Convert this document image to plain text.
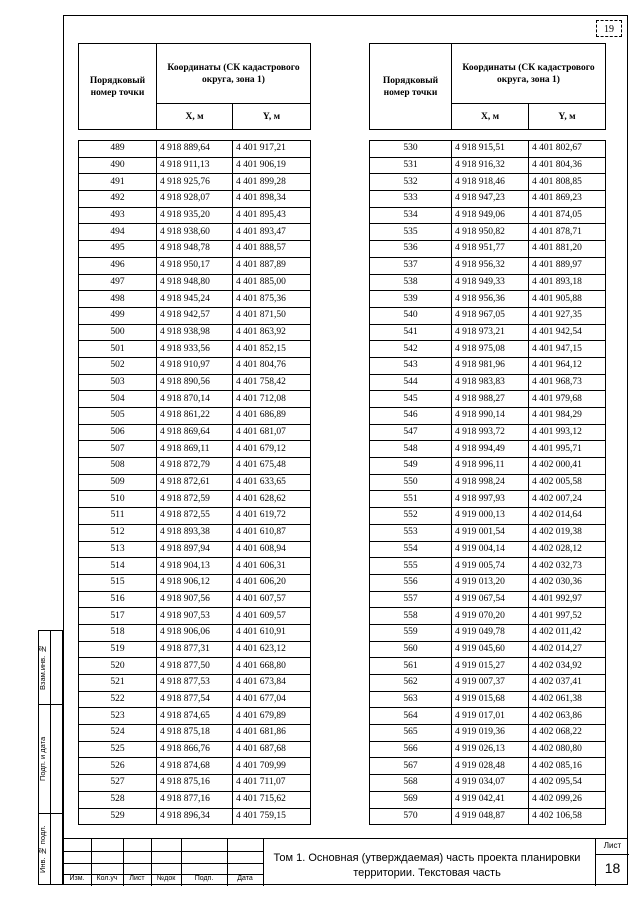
19
Порядковый номер точки	Координаты (СК кадастрового округа, зона 1)	
	X, м	Y, м

489	4 918 889,64	4 401 917,21
490	4 918 911,13	4 401 906,19
491	4 918 925,76	4 401 899,28
492	4 918 928,07	4 401 898,34
493	4 918 935,20	4 401 895,43
494	4 918 938,60	4 401 893,47
495	4 918 948,78	4 401 888,57
496	4 918 950,17	4 401 887,89
497	4 918 948,80	4 401 885,00
498	4 918 945,24	4 401 875,36
499	4 918 942,57	4 401 871,50
500	4 918 938,98	4 401 863,92
501	4 918 933,56	4 401 852,15
502	4 918 910,97	4 401 804,76
503	4 918 890,56	4 401 758,42
504	4 918 870,14	4 401 712,08
505	4 918 861,22	4 401 686,89
506	4 918 869,64	4 401 681,07
507	4 918 869,11	4 401 679,12
508	4 918 872,79	4 401 675,48
509	4 918 872,61	4 401 633,65
510	4 918 872,59	4 401 628,62
511	4 918 872,55	4 401 619,72
512	4 918 893,38	4 401 610,87
513	4 918 897,94	4 401 608,94
514	4 918 904,13	4 401 606,31
515	4 918 906,12	4 401 606,20
516	4 918 907,56	4 401 607,57
517	4 918 907,53	4 401 609,57
518	4 918 906,06	4 401 610,91
519	4 918 877,31	4 401 623,12
520	4 918 877,50	4 401 668,80
521	4 918 877,53	4 401 673,84
522	4 918 877,54	4 401 677,04
523	4 918 874,65	4 401 679,89
524	4 918 875,18	4 401 681,86
525	4 918 866,76	4 401 687,68
526	4 918 874,68	4 401 709,99
527	4 918 875,16	4 401 711,07
528	4 918 877,16	4 401 715,62
529	4 918 896,34	4 401 759,15
Порядковый номер точки	Координаты (СК кадастрового округа, зона 1)	
	X, м	Y, м

530	4 918 915,51	4 401 802,67
531	4 918 916,32	4 401 804,36
532	4 918 918,46	4 401 808,85
533	4 918 947,23	4 401 869,23
534	4 918 949,06	4 401 874,05
535	4 918 950,82	4 401 878,71
536	4 918 951,77	4 401 881,20
537	4 918 956,32	4 401 889,97
538	4 918 949,33	4 401 893,18
539	4 918 956,36	4 401 905,88
540	4 918 967,05	4 401 927,35
541	4 918 973,21	4 401 942,54
542	4 918 975,08	4 401 947,15
543	4 918 981,96	4 401 964,12
544	4 918 983,83	4 401 968,73
545	4 918 988,27	4 401 979,68
546	4 918 990,14	4 401 984,29
547	4 918 993,72	4 401 993,12
548	4 918 994,49	4 401 995,71
549	4 918 996,11	4 402 000,41
550	4 918 998,24	4 402 005,58
551	4 918 997,93	4 402 007,24
552	4 919 000,13	4 402 014,64
553	4 919 001,54	4 402 019,38
554	4 919 004,14	4 402 028,12
555	4 919 005,74	4 402 032,73
556	4 919 013,20	4 402 030,36
557	4 919 067,54	4 401 992,97
558	4 919 070,20	4 401 997,52
559	4 919 049,78	4 402 011,42
560	4 919 045,60	4 402 014,27
561	4 919 015,27	4 402 034,92
562	4 919 007,37	4 402 037,41
563	4 919 015,68	4 402 061,38
564	4 919 017,01	4 402 063,86
565	4 919 019,36	4 402 068,22
566	4 919 026,13	4 402 080,80
567	4 919 028,48	4 402 085,16
568	4 919 034,07	4 402 095,54
569	4 919 042,41	4 402 099,26
570	4 919 048,87	4 402 106,58
Взам.инв. №
Подп. и дата
Инв. № подл.
Изм.	Кол.уч	Лист	№док	Подп.	Дата
Том 1. Основная (утверждаемая) часть проекта планировки территории. Текстовая часть
Лист
18
